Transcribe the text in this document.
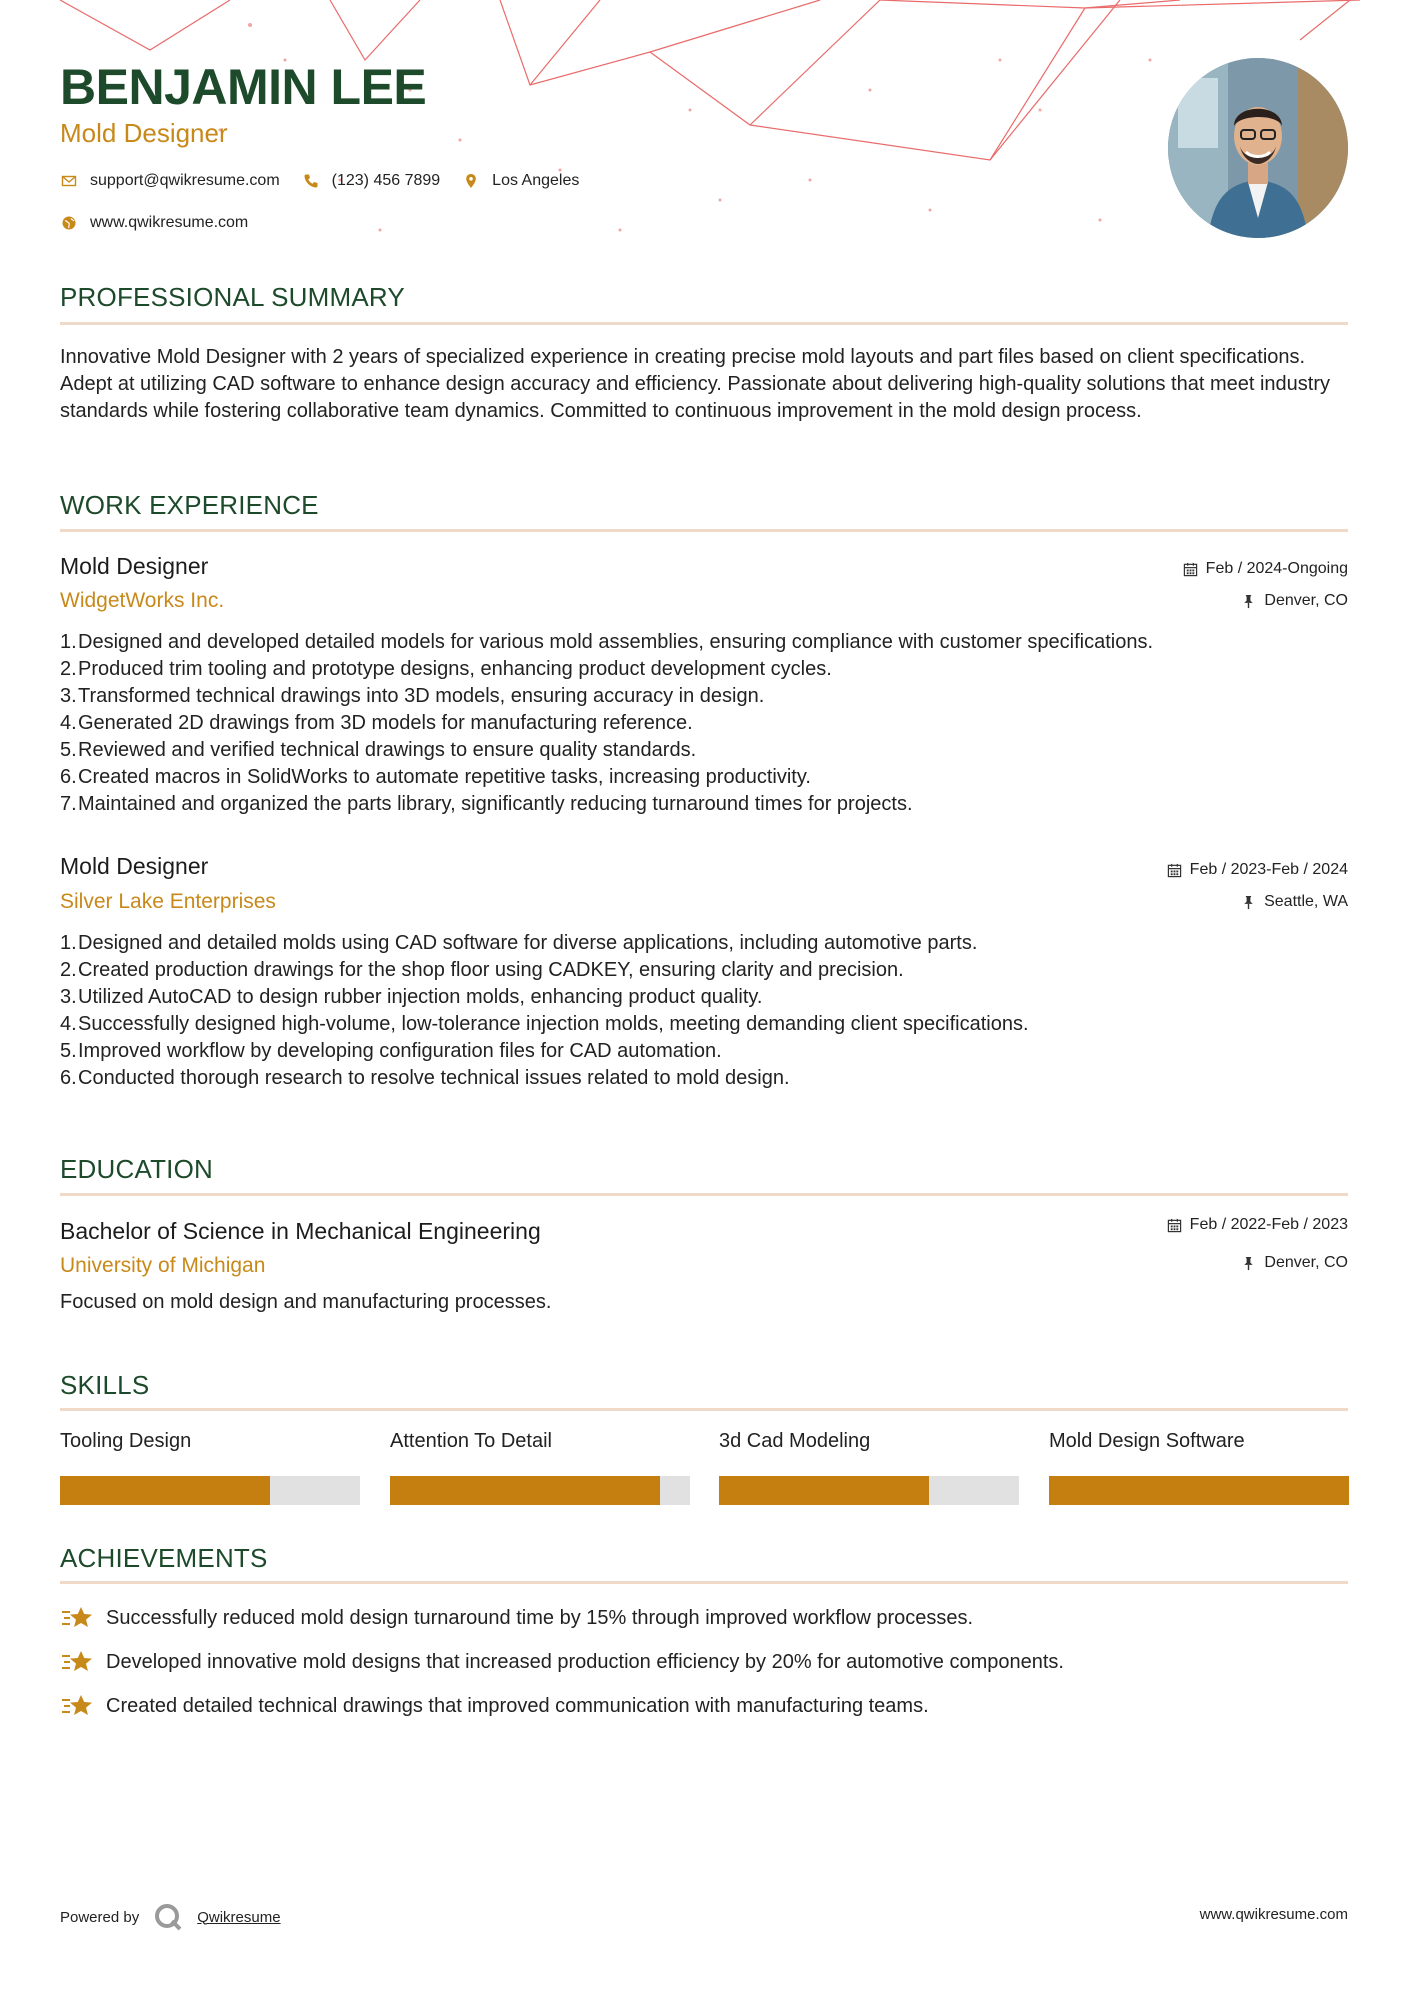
BENJAMIN LEE
Mold Designer
support@qwikresume.com	(123) 456 7899	Los Angeles
www.qwikresume.com
PROFESSIONAL SUMMARY
Innovative Mold Designer with 2 years of specialized experience in creating precise mold layouts and part files based on client specifications. Adept at utilizing CAD software to enhance design accuracy and efficiency. Passionate about delivering high-quality solutions that meet industry standards while fostering collaborative team dynamics. Committed to continuous improvement in the mold design process.
WORK EXPERIENCE
Mold Designer
WidgetWorks Inc.
Feb / 2024-Ongoing
Denver, CO
1. Designed and developed detailed models for various mold assemblies, ensuring compliance with customer specifications.
2. Produced trim tooling and prototype designs, enhancing product development cycles.
3. Transformed technical drawings into 3D models, ensuring accuracy in design.
4. Generated 2D drawings from 3D models for manufacturing reference.
5. Reviewed and verified technical drawings to ensure quality standards.
6. Created macros in SolidWorks to automate repetitive tasks, increasing productivity.
7. Maintained and organized the parts library, significantly reducing turnaround times for projects.
Mold Designer
Silver Lake Enterprises
Feb / 2023-Feb / 2024
Seattle, WA
1. Designed and detailed molds using CAD software for diverse applications, including automotive parts.
2. Created production drawings for the shop floor using CADKEY, ensuring clarity and precision.
3. Utilized AutoCAD to design rubber injection molds, enhancing product quality.
4. Successfully designed high-volume, low-tolerance injection molds, meeting demanding client specifications.
5. Improved workflow by developing configuration files for CAD automation.
6. Conducted thorough research to resolve technical issues related to mold design.
EDUCATION
Bachelor of Science in Mechanical Engineering
University of Michigan
Feb / 2022-Feb / 2023
Denver, CO
Focused on mold design and manufacturing processes.
SKILLS
Tooling Design	Attention To Detail	3d Cad Modeling	Mold Design Software
ACHIEVEMENTS
Successfully reduced mold design turnaround time by 15% through improved workflow processes.
Developed innovative mold designs that increased production efficiency by 20% for automotive components.
Created detailed technical drawings that improved communication with manufacturing teams.
Powered by	Qwikresume	www.qwikresume.com
